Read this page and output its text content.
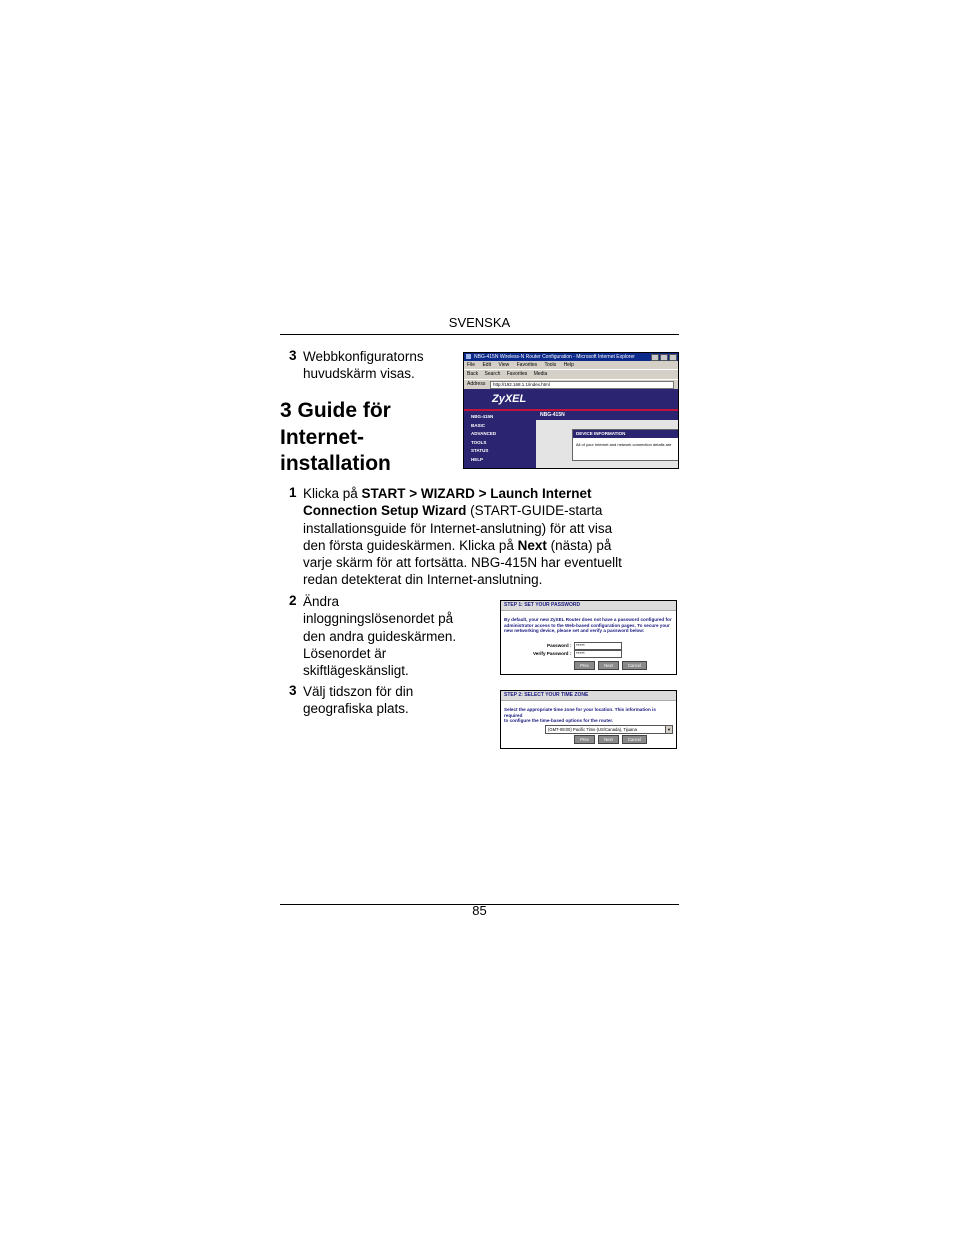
SVENSKA
3 Webbkonfiguratorns
huvudskärm visas.
3 Guide för
Internet-
installation
NBG-415N Wireless-N Router Configuration - Microsoft Internet Explorer
File Edit View Favorites Tools Help
Back Search Favorites Media
Address	http://192.168.1.1/index.html
ZyXEL
NBG-415N
BASIC
ADVANCED
TOOLS
STATUS
HELP
NBG-415N
DEVICE INFORMATION
All of your Internet and network connection details are
1 Klicka på START > WIZARD > Launch Internet
Connection Setup Wizard (START-GUIDE-starta
installationsguide för Internet-anslutning) för att visa
den första guideskärmen. Klicka på Next (nästa) på
varje skärm för att fortsätta. NBG-415N har eventuellt
redan detekterat din Internet-anslutning.
2 Ändra
inloggningslösenordet på
den andra guideskärmen.
Lösenordet är
skiftlägeskänsligt.
STEP 1: SET YOUR PASSWORD
By default, your new ZyXEL Router does not have a password configured for
administrator access to the Web-based configuration pages. To secure your
new networking device, please set and verify a password below:
Password : *****
Verify Password :	*****
Prev	Next	Cancel
3 Välj tidszon för din
geografiska plats.
STEP 2: SELECT YOUR TIME ZONE
Select the appropriate time zone for your location. This information is required
to configure the time-based options for the router.
(GMT-08:00) Pacific Time (US/Canada), Tijuana	▼
Prev	Next	Cancel
85
